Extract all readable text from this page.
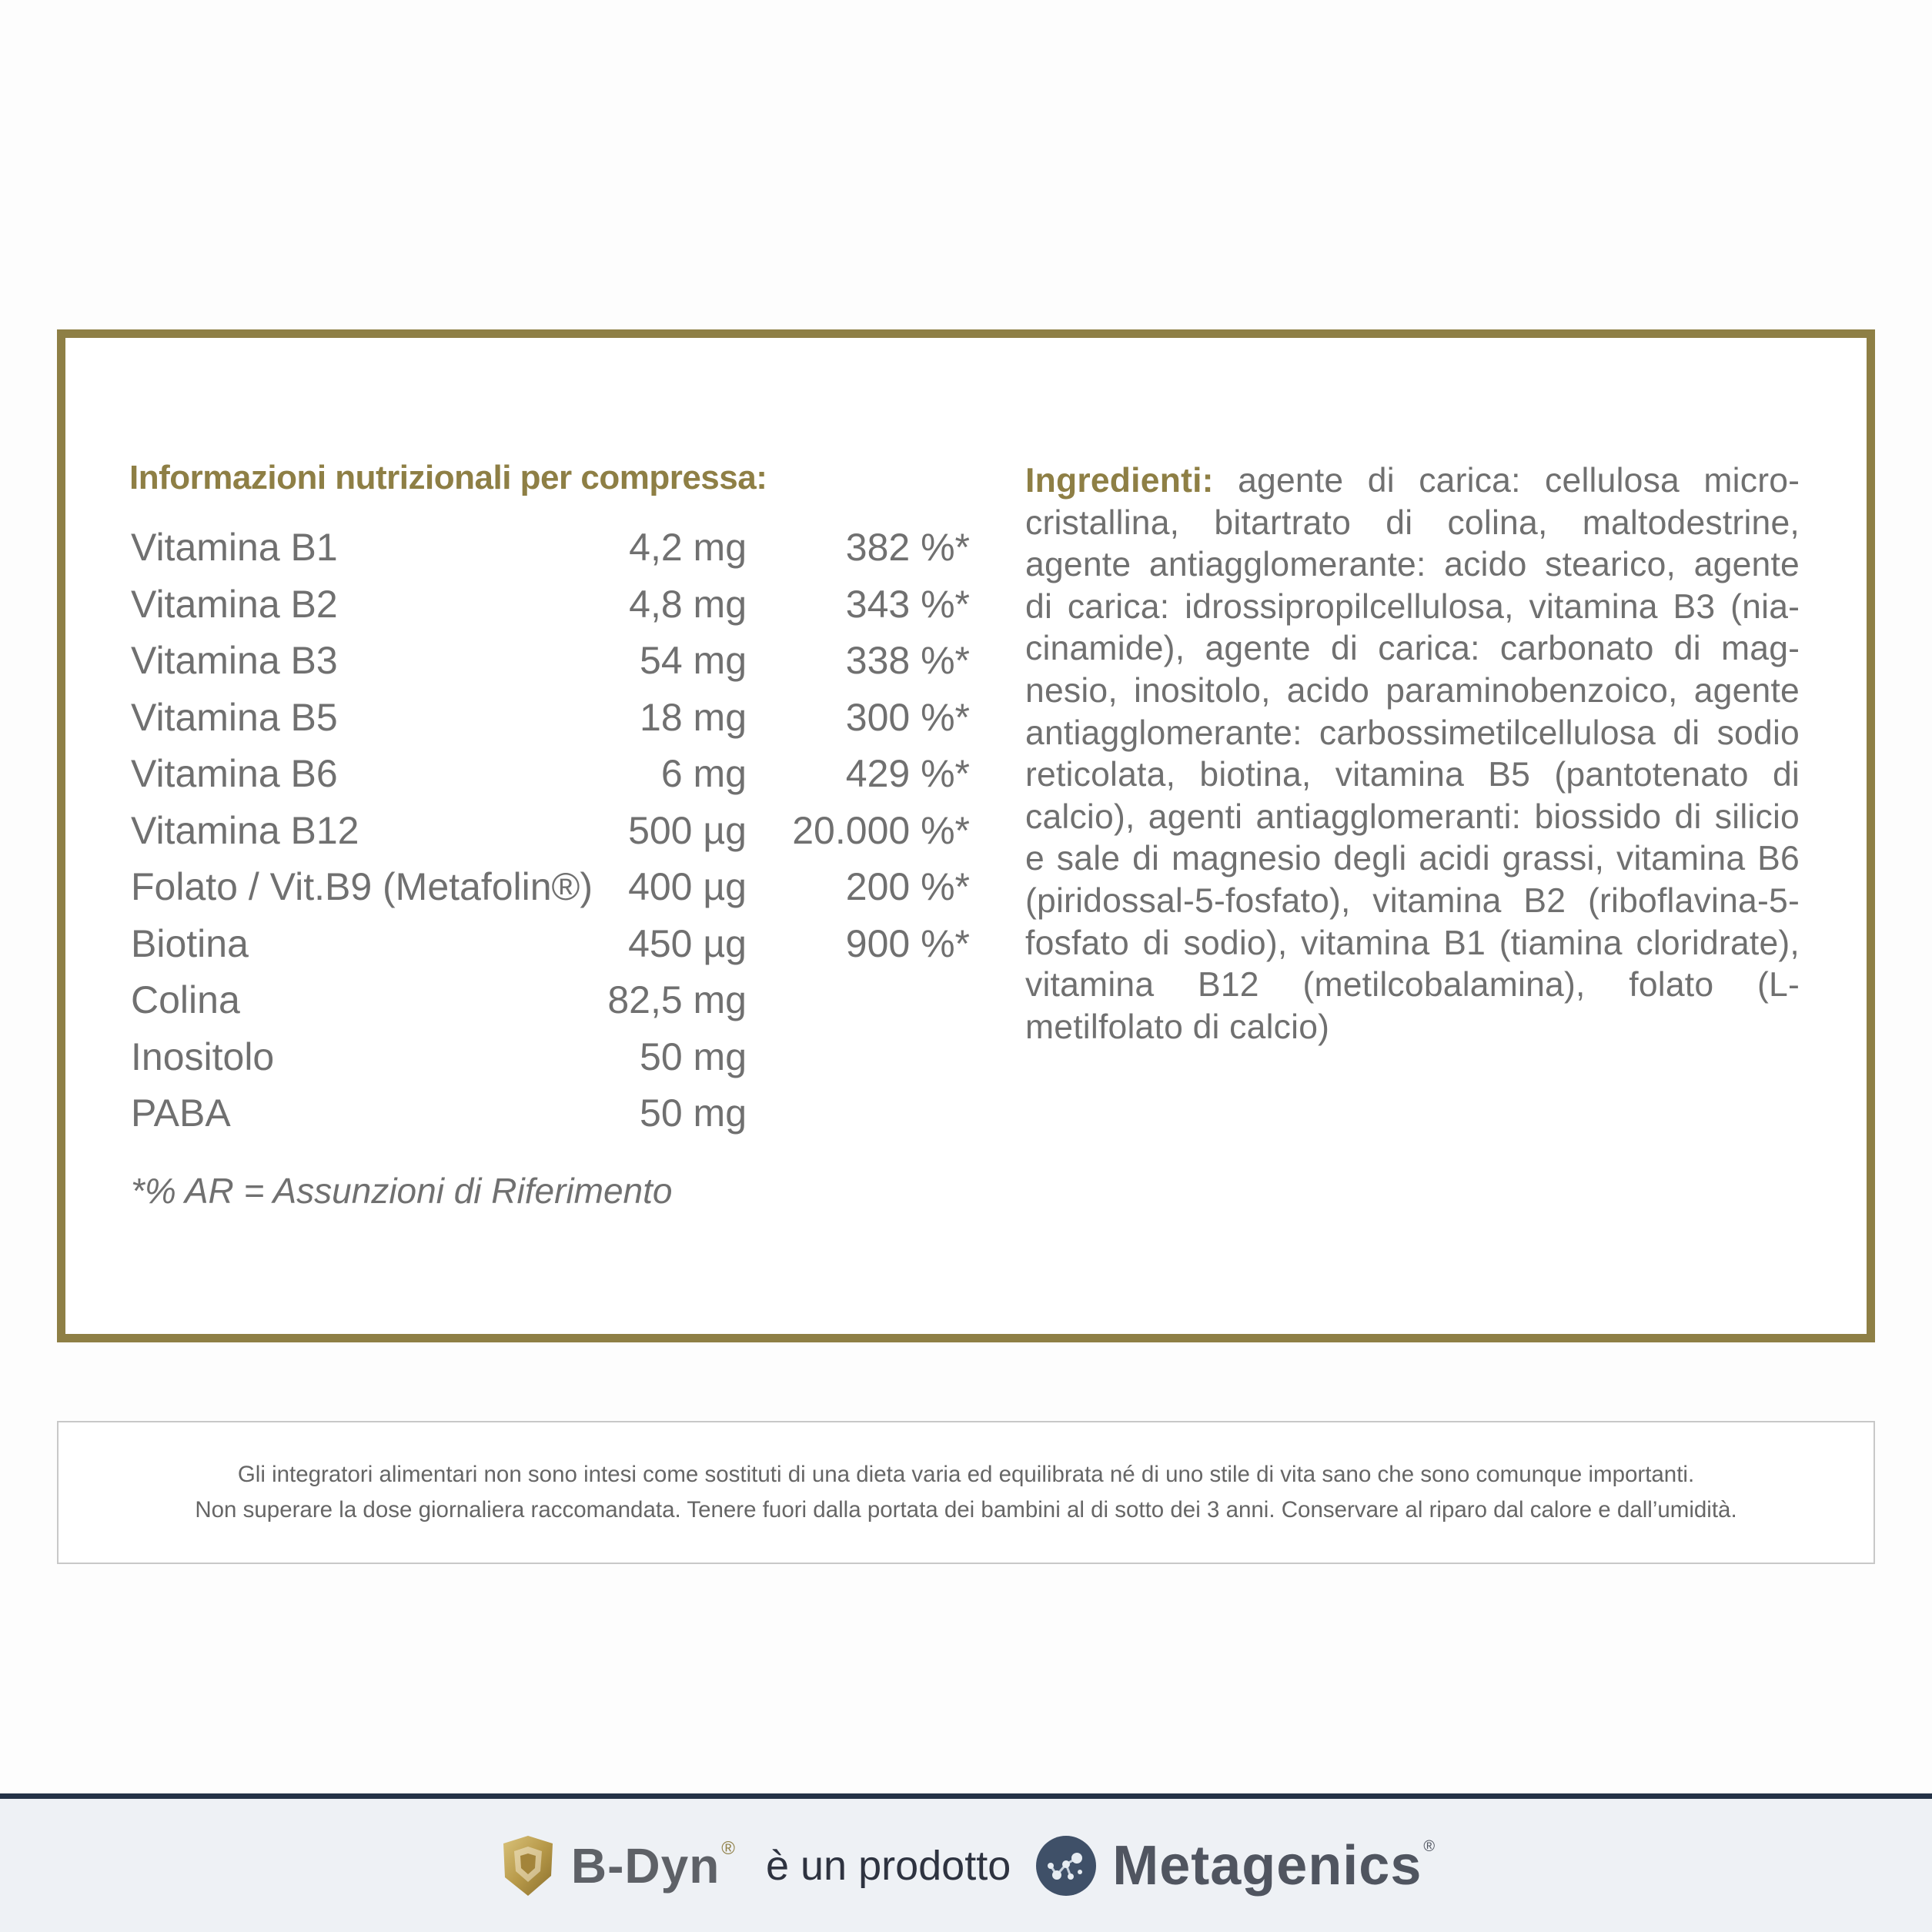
Informazioni nutrizionali per compressa:
Vitamina B1	4,2 mg	382 %*
Vitamina B2	4,8 mg	343 %*
Vitamina B3	54 mg	338 %*
Vitamina B5	18 mg	300 %*
Vitamina B6	6 mg	429 %*
Vitamina B12	500 µg 20.000 %*
Folato / Vit.B9 (Metafolin®) 400 µg	200 %*
Biotina	450 µg	900 %*
Colina	82,5 mg
Inositolo	50 mg
PABA	50 mg

*% AR = Assunzioni di Riferimento

Ingredienti: agente di carica: cellulosa microcristallina, bitartrato di colina, maltodestrine, agente antiagglomerante: acido stearico, agente di carica: idrossipropilcellulosa, vitamina B3 (niacinamide), agente di carica: carbonato di magnesio, inositolo, acido paraminobenzoico, agente antiagglomerante: carbossimetilcellulosa di sodio reticolata, biotina, vitamina B5 (pantotenato di calcio), agenti antiagglomeranti: biossido di silicio e sale di magnesio degli acidi grassi, vitamina B6 (piridossal-5-fosfato), vitamina B2 (riboflavina-5-fosfato di sodio), vitamina B1 (tiamina cloridrate), vitamina B12 (metilcobalamina), folato (L-metilfolato di calcio)

Gli integratori alimentari non sono intesi come sostituti di una dieta varia ed equilibrata né di uno stile di vita sano che sono comunque importanti.

Non superare la dose giornaliera raccomandata. Tenere fuori dalla portata dei bambini al di sotto dei 3 anni. Conservare al riparo dal calore e dall’umidità.

B-Dyn ® è un prodotto Metagenics ®
